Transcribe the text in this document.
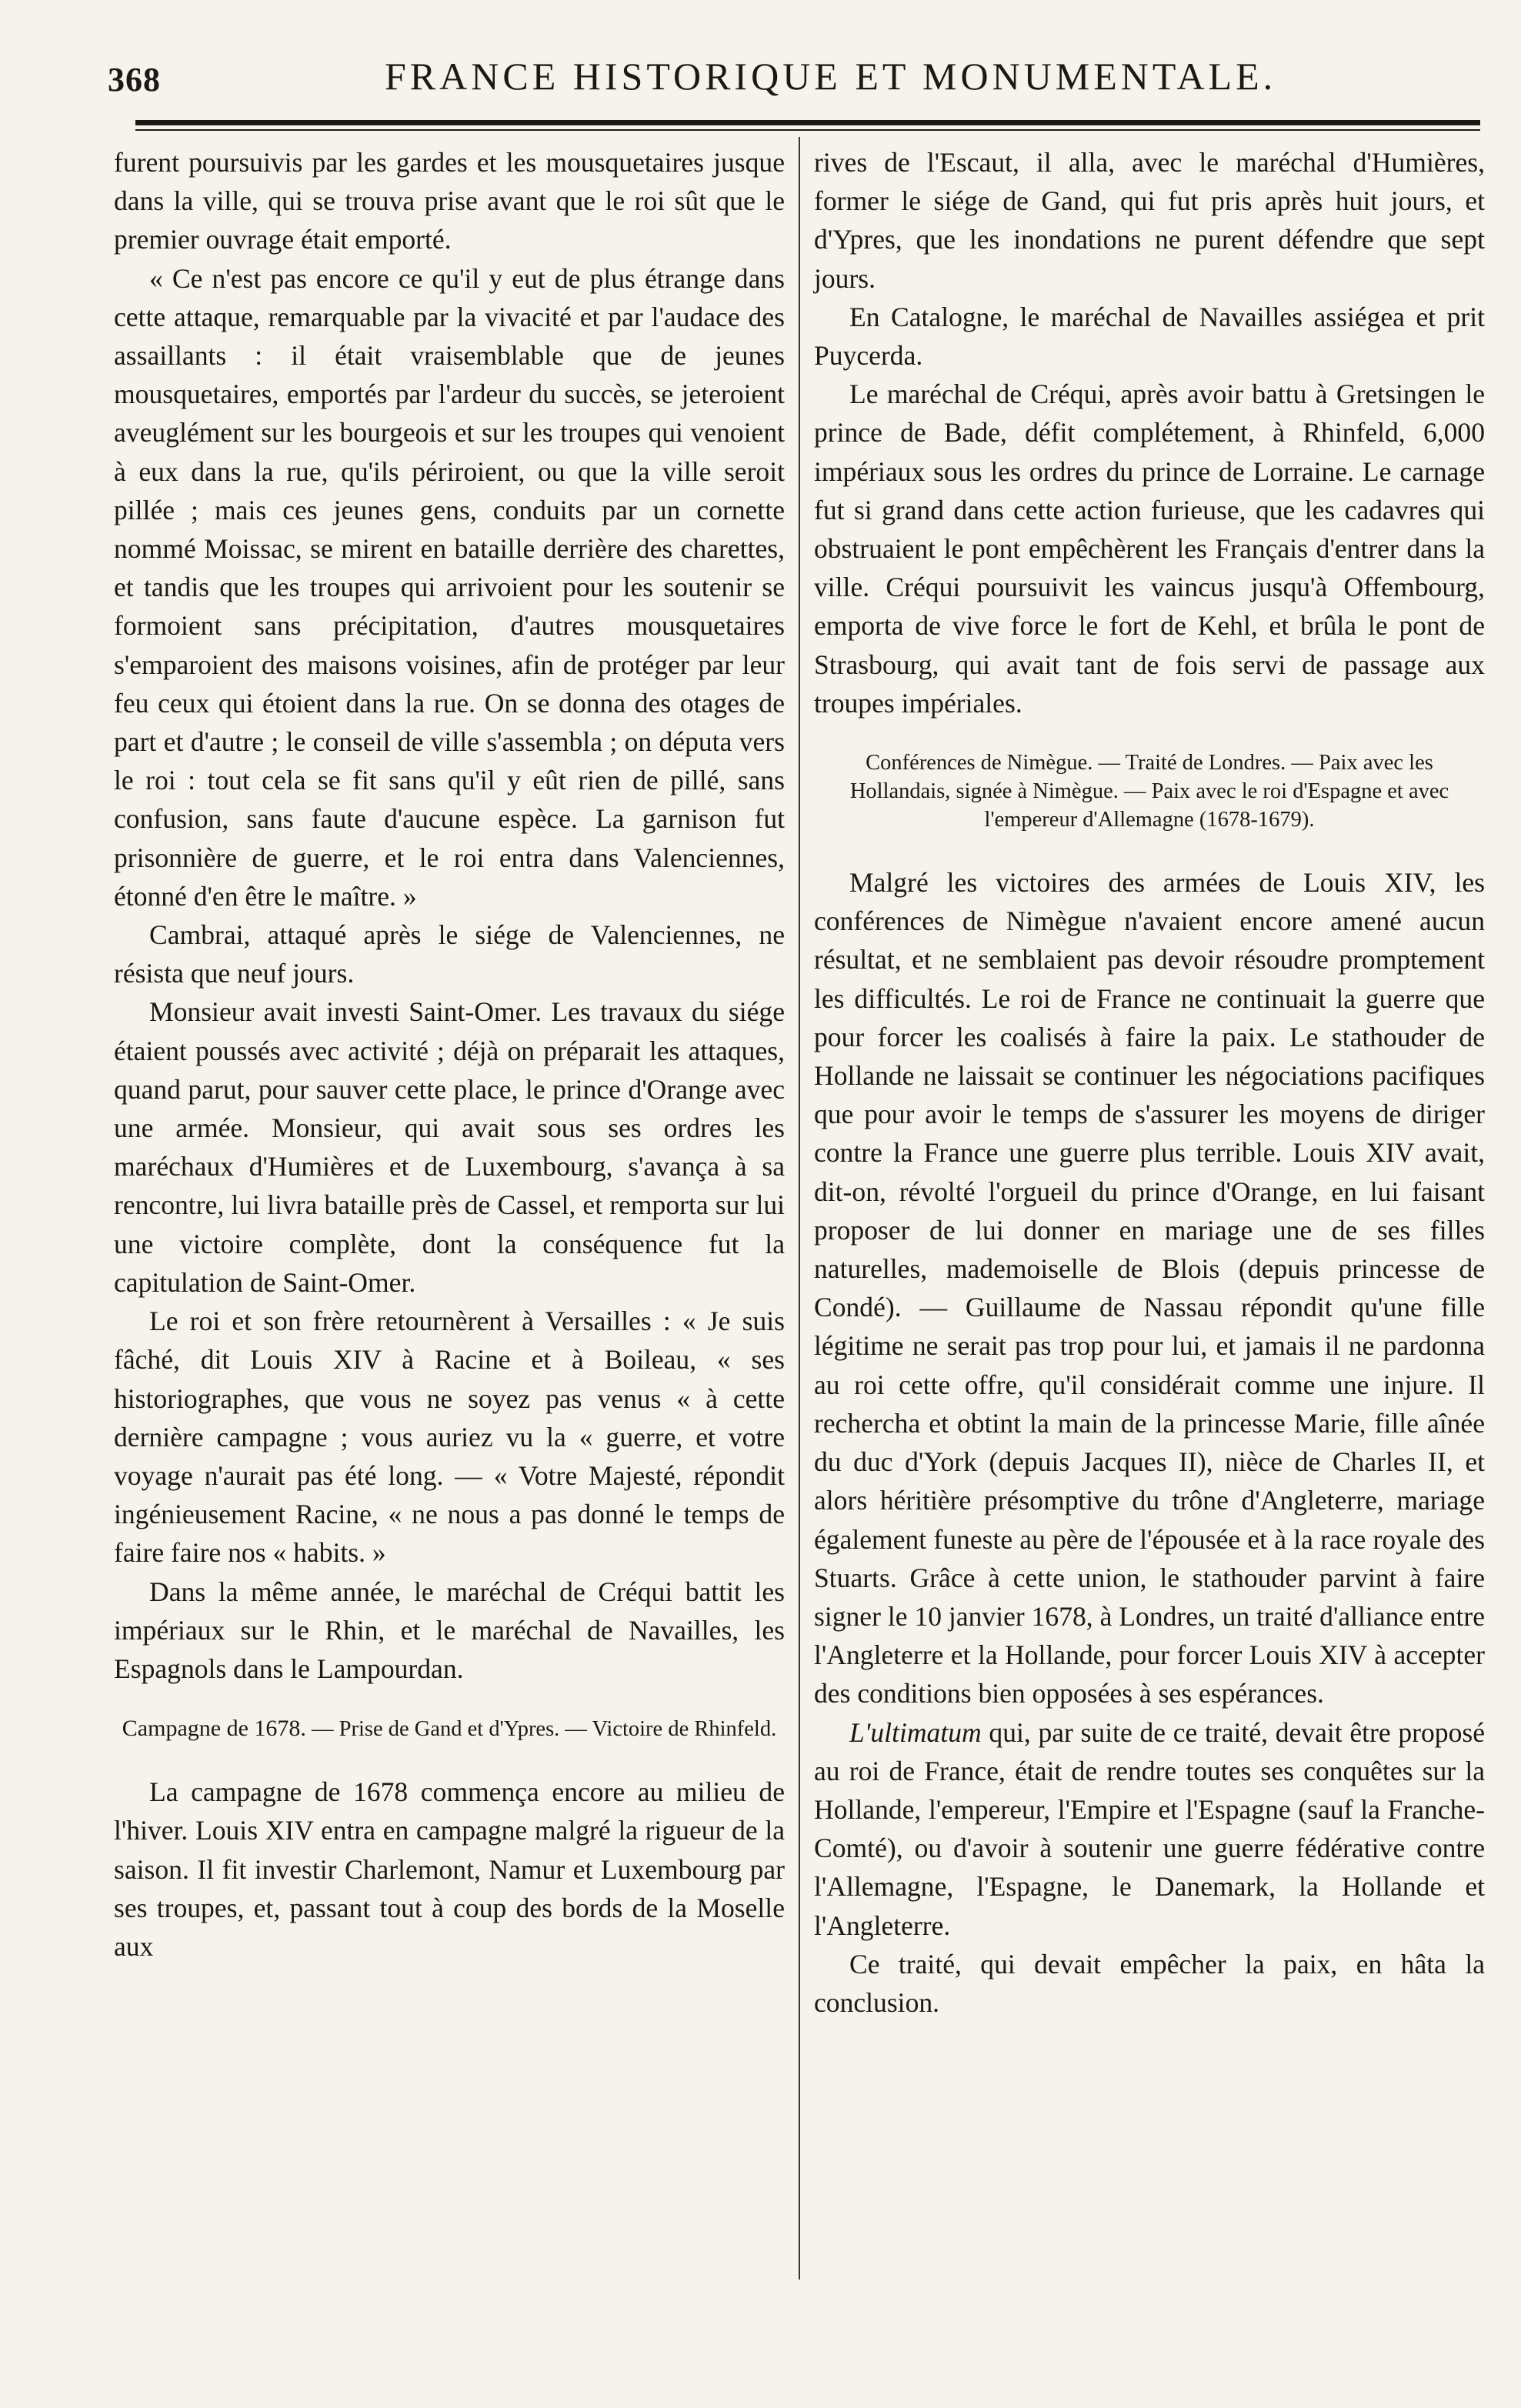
368	FRANCE HISTORIQUE ET MONUMENTALE.

furent poursuivis par les gardes et les mousquetaires jusque dans la ville, qui se trouva prise avant que le roi sût que le premier ouvrage était emporté.

« Ce n'est pas encore ce qu'il y eut de plus étrange dans cette attaque, remarquable par la vivacité et par l'audace des assaillants : il était vraisemblable que de jeunes mousquetaires, emportés par l'ardeur du succès, se jeteroient aveuglément sur les bourgeois et sur les troupes qui venoient à eux dans la rue, qu'ils périroient, ou que la ville seroit pillée ; mais ces jeunes gens, conduits par un cornette nommé Moissac, se mirent en bataille derrière des charettes, et tandis que les troupes qui arrivoient pour les soutenir se formoient sans précipitation, d'autres mousquetaires s'emparoient des maisons voisines, afin de protéger par leur feu ceux qui étoient dans la rue. On se donna des otages de part et d'autre ; le conseil de ville s'assembla ; on députa vers le roi : tout cela se fit sans qu'il y eût rien de pillé, sans confusion, sans faute d'aucune espèce. La garnison fut prisonnière de guerre, et le roi entra dans Valenciennes, étonné d'en être le maître. »

Cambrai, attaqué après le siége de Valenciennes, ne résista que neuf jours.

Monsieur avait investi Saint-Omer. Les travaux du siége étaient poussés avec activité ; déjà on préparait les attaques, quand parut, pour sauver cette place, le prince d'Orange avec une armée. Monsieur, qui avait sous ses ordres les maréchaux d'Humières et de Luxembourg, s'avança à sa rencontre, lui livra bataille près de Cassel, et remporta sur lui une victoire complète, dont la conséquence fut la capitulation de Saint-Omer.

Le roi et son frère retournèrent à Versailles : « Je suis fâché, dit Louis XIV à Racine et à Boileau, « ses historiographes, que vous ne soyez pas venus « à cette dernière campagne ; vous auriez vu la « guerre, et votre voyage n'aurait pas été long. — « Votre Majesté, répondit ingénieusement Racine, « ne nous a pas donné le temps de faire faire nos « habits. »

Dans la même année, le maréchal de Créqui battit les impériaux sur le Rhin, et le maréchal de Navailles, les Espagnols dans le Lampourdan.

Campagne de 1678. — Prise de Gand et d'Ypres. — Victoire de Rhinfeld.

La campagne de 1678 commença encore au milieu de l'hiver. Louis XIV entra en campagne malgré la rigueur de la saison. Il fit investir Charlemont, Namur et Luxembourg par ses troupes, et, passant tout à coup des bords de la Moselle aux

rives de l'Escaut, il alla, avec le maréchal d'Humières, former le siége de Gand, qui fut pris après huit jours, et d'Ypres, que les inondations ne purent défendre que sept jours.

En Catalogne, le maréchal de Navailles assiégea et prit Puycerda.

Le maréchal de Créqui, après avoir battu à Gretsingen le prince de Bade, défit complétement, à Rhinfeld, 6,000 impériaux sous les ordres du prince de Lorraine. Le carnage fut si grand dans cette action furieuse, que les cadavres qui obstruaient le pont empêchèrent les Français d'entrer dans la ville. Créqui poursuivit les vaincus jusqu'à Offembourg, emporta de vive force le fort de Kehl, et brûla le pont de Strasbourg, qui avait tant de fois servi de passage aux troupes impériales.

Conférences de Nimègue. — Traité de Londres. — Paix avec les Hollandais, signée à Nimègue. — Paix avec le roi d'Espagne et avec l'empereur d'Allemagne (1678-1679).

Malgré les victoires des armées de Louis XIV, les conférences de Nimègue n'avaient encore amené aucun résultat, et ne semblaient pas devoir résoudre promptement les difficultés. Le roi de France ne continuait la guerre que pour forcer les coalisés à faire la paix. Le stathouder de Hollande ne laissait se continuer les négociations pacifiques que pour avoir le temps de s'assurer les moyens de diriger contre la France une guerre plus terrible. Louis XIV avait, dit-on, révolté l'orgueil du prince d'Orange, en lui faisant proposer de lui donner en mariage une de ses filles naturelles, mademoiselle de Blois (depuis princesse de Condé). — Guillaume de Nassau répondit qu'une fille légitime ne serait pas trop pour lui, et jamais il ne pardonna au roi cette offre, qu'il considérait comme une injure. Il rechercha et obtint la main de la princesse Marie, fille aînée du duc d'York (depuis Jacques II), nièce de Charles II, et alors héritière présomptive du trône d'Angleterre, mariage également funeste au père de l'épousée et à la race royale des Stuarts. Grâce à cette union, le stathouder parvint à faire signer le 10 janvier 1678, à Londres, un traité d'alliance entre l'Angleterre et la Hollande, pour forcer Louis XIV à accepter des conditions bien opposées à ses espérances.

L'ultimatum qui, par suite de ce traité, devait être proposé au roi de France, était de rendre toutes ses conquêtes sur la Hollande, l'empereur, l'Empire et l'Espagne (sauf la Franche-Comté), ou d'avoir à soutenir une guerre fédérative contre l'Allemagne, l'Espagne, le Danemark, la Hollande et l'Angleterre.

Ce traité, qui devait empêcher la paix, en hâta la conclusion.
